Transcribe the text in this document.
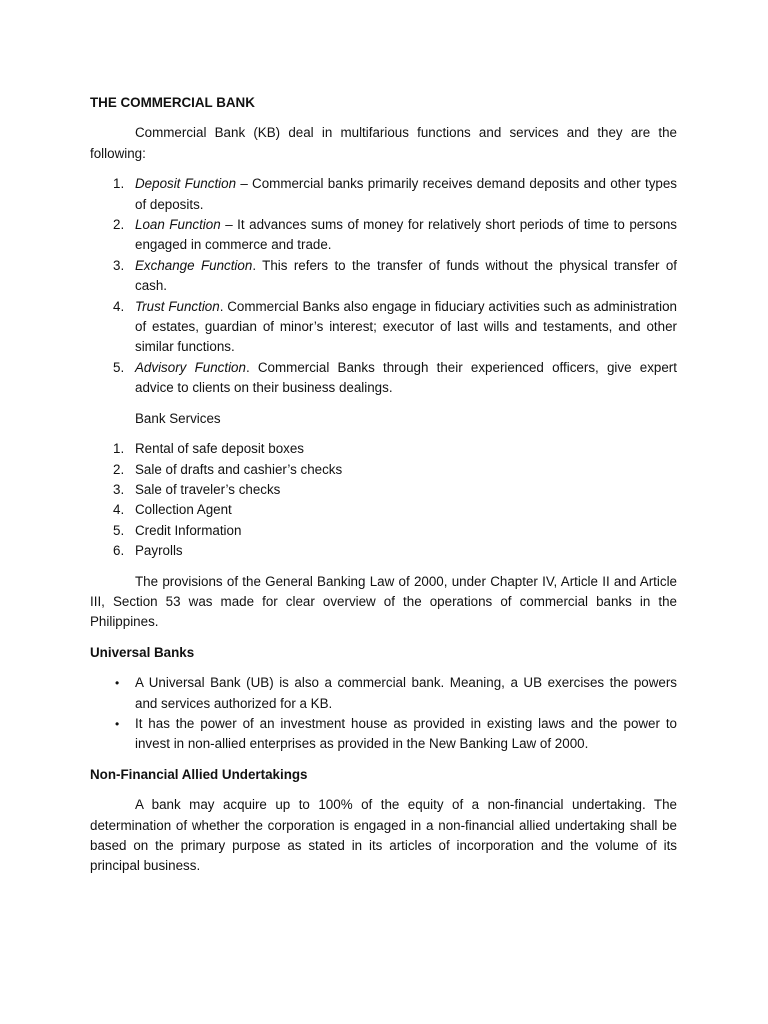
THE COMMERCIAL BANK

Commercial Bank (KB) deal in multifarious functions and services and they are the following:

1. Deposit Function – Commercial banks primarily receives demand deposits and other types of deposits.
2. Loan Function – It advances sums of money for relatively short periods of time to persons engaged in commerce and trade.
3. Exchange Function. This refers to the transfer of funds without the physical transfer of cash.
4. Trust Function. Commercial Banks also engage in fiduciary activities such as administration of estates, guardian of minor’s interest; executor of last wills and testaments, and other similar functions.
5. Advisory Function. Commercial Banks through their experienced officers, give expert advice to clients on their business dealings.
Bank Services
1. Rental of safe deposit boxes
2. Sale of drafts and cashier’s checks
3. Sale of traveler’s checks
4. Collection Agent
5. Credit Information
6. Payrolls

The provisions of the General Banking Law of 2000, under Chapter IV, Article II and Article III, Section 53 was made for clear overview of the operations of commercial banks in the Philippines.

Universal Banks
• A Universal Bank (UB) is also a commercial bank. Meaning, a UB exercises the powers and services authorized for a KB.
• It has the power of an investment house as provided in existing laws and the power to invest in non-allied enterprises as provided in the New Banking Law of 2000.
Non-Financial Allied Undertakings

A bank may acquire up to 100% of the equity of a non-financial undertaking. The determination of whether the corporation is engaged in a non-financial allied undertaking shall be based on the primary purpose as stated in its articles of incorporation and the volume of its principal business.
